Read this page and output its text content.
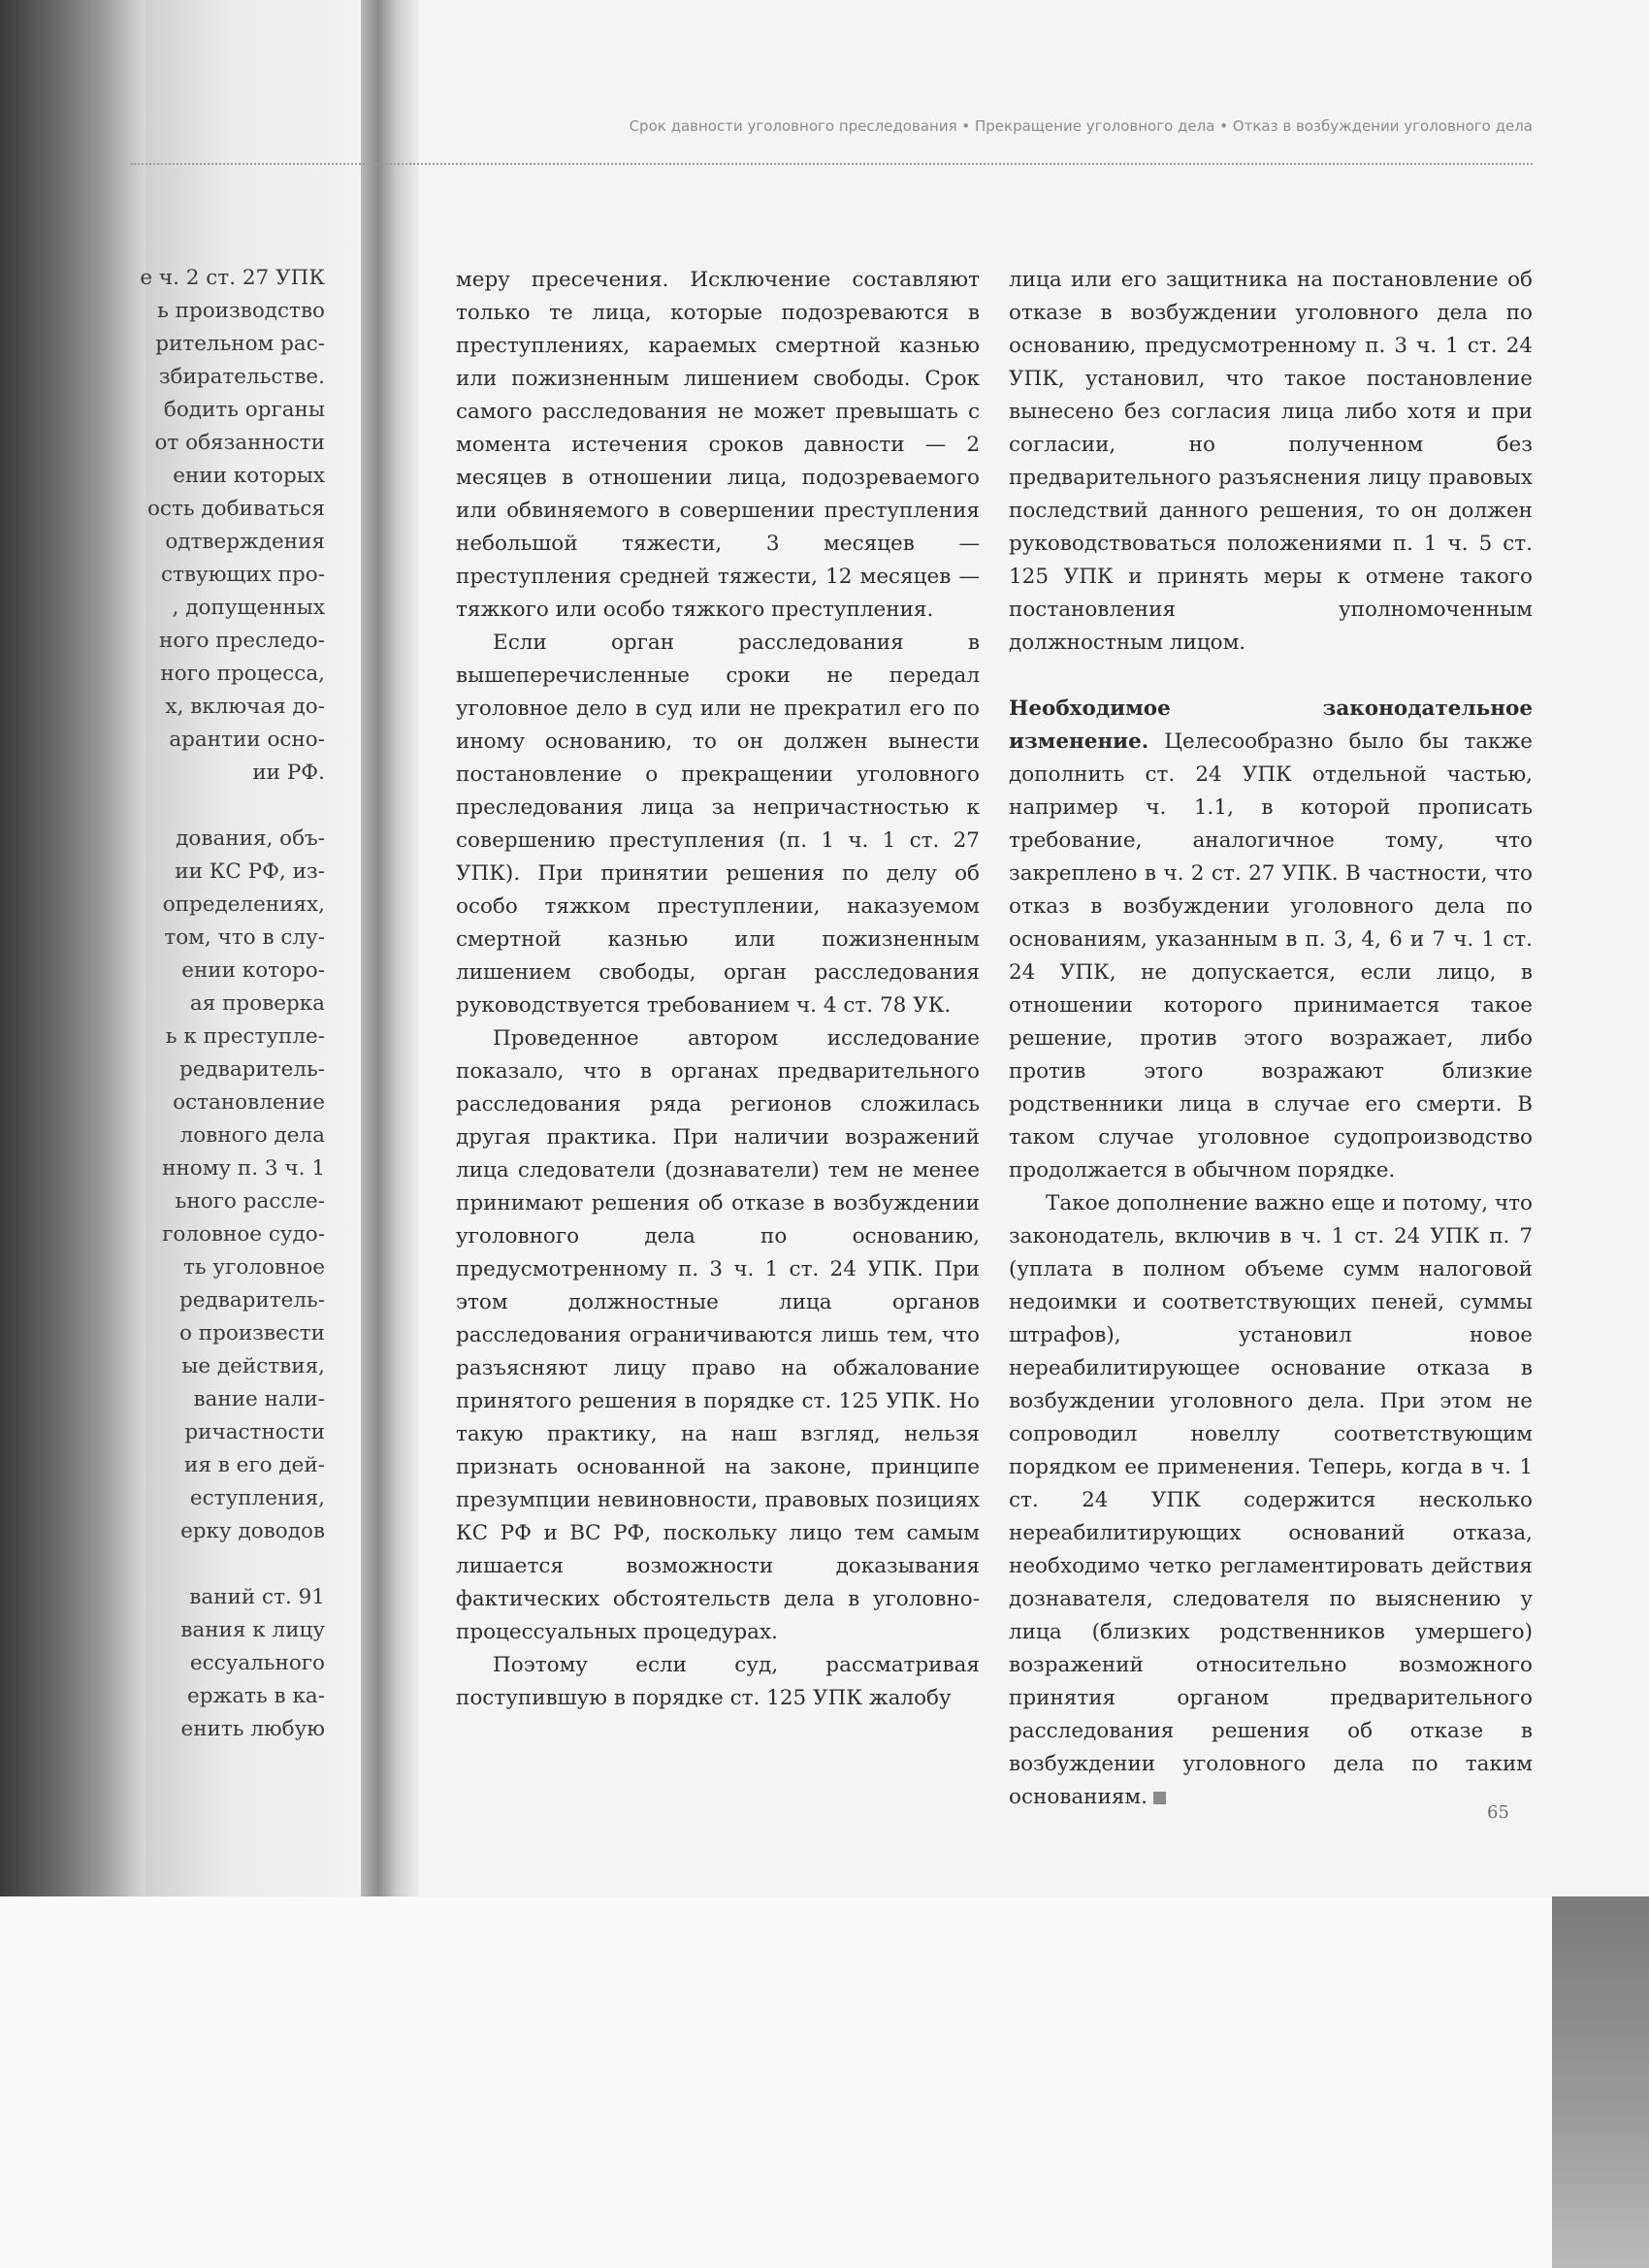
Срок давности уголовного преследования • Прекращение уголовного дела • Отказ в возбуждении уголовного дела
е ч. 2 ст. 27 УПК
ь производство
рительном рас-
збирательстве.
бодить органы
от обязанности
ении которых
ость добиваться
одтверждения
ствующих про-
, допущенных
ного преследо-
ного процесса,
х, включая до-
арантии осно-
ии РФ.
дования, объ-
ии КС РФ, из-
определениях,
том, что в слу-
ении которо-
ая проверка
ь к преступле-
редваритель-
остановление
ловного дела
нному п. 3 ч. 1
ьного рассле-
головное судо-
ть уголовное
редваритель-
о произвести
ые действия,
вание нали-
ричастности
ия в его дей-
еступления,
ерку доводов
ваний ст. 91
вания к лицу
ессуального
ержать в ка-
енить любую

меру пресечения. Исключение составляют только те лица, которые подозреваются в преступлениях, караемых смертной казнью или пожизненным лишением свободы. Срок самого расследования не может превышать с момента истечения сроков давности — 2 месяцев в отношении лица, подозреваемого или обвиняемого в совершении преступления небольшой тяжести, 3 месяцев — преступления средней тяжести, 12 месяцев — тяжкого или особо тяжкого преступления.

Если орган расследования в вышеперечисленные сроки не передал уголовное дело в суд или не прекратил его по иному основанию, то он должен вынести постановление о прекращении уголовного преследования лица за непричастностью к совершению преступления (п. 1 ч. 1 ст. 27 УПК). При принятии решения по делу об особо тяжком преступлении, наказуемом смертной казнью или пожизненным лишением свободы, орган расследования руководствуется требованием ч. 4 ст. 78 УК.

Проведенное автором исследование показало, что в органах предварительного расследования ряда регионов сложилась другая практика. При наличии возражений лица следователи (дознаватели) тем не менее принимают решения об отказе в возбуждении уголовного дела по основанию, предусмотренному п. 3 ч. 1 ст. 24 УПК. При этом должностные лица органов расследования ограничиваются лишь тем, что разъясняют лицу право на обжалование принятого решения в порядке ст. 125 УПК. Но такую практику, на наш взгляд, нельзя признать основанной на законе, принципе презумпции невиновности, правовых позициях КС РФ и ВС РФ, поскольку лицо тем самым лишается возможности доказывания фактических обстоятельств дела в уголовно-процессуальных процедурах.

Поэтому если суд, рассматривая поступившую в порядке ст. 125 УПК жалобу

лица или его защитника на постановление об отказе в возбуждении уголовного дела по основанию, предусмотренному п. 3 ч. 1 ст. 24 УПК, установил, что такое постановление вынесено без согласия лица либо хотя и при согласии, но полученном без предварительного разъяснения лицу правовых последствий данного решения, то он должен руководствоваться положениями п. 1 ч. 5 ст. 125 УПК и принять меры к отмене такого постановления уполномоченным должностным лицом.

Необходимое законодательное изменение. Целесообразно было бы также дополнить ст. 24 УПК отдельной частью, например ч. 1.1, в которой прописать требование, аналогичное тому, что закреплено в ч. 2 ст. 27 УПК. В частности, что отказ в возбуждении уголовного дела по основаниям, указанным в п. 3, 4, 6 и 7 ч. 1 ст. 24 УПК, не допускается, если лицо, в отношении которого принимается такое решение, против этого возражает, либо против этого возражают близкие родственники лица в случае его смерти. В таком случае уголовное судопроизводство продолжается в обычном порядке.

Такое дополнение важно еще и потому, что законодатель, включив в ч. 1 ст. 24 УПК п. 7 (уплата в полном объеме сумм налоговой недоимки и соответствующих пеней, суммы штрафов), установил новое нереабилитирующее основание отказа в возбуждении уголовного дела. При этом не сопроводил новеллу соответствующим порядком ее применения. Теперь, когда в ч. 1 ст. 24 УПК содержится несколько нереабилитирующих оснований отказа, необходимо четко регламентировать действия дознавателя, следователя по выяснению у лица (близких родственников умершего) возражений относительно возможного принятия органом предварительного расследования решения об отказе в возбуждении уголовного дела по таким основаниям.

65
